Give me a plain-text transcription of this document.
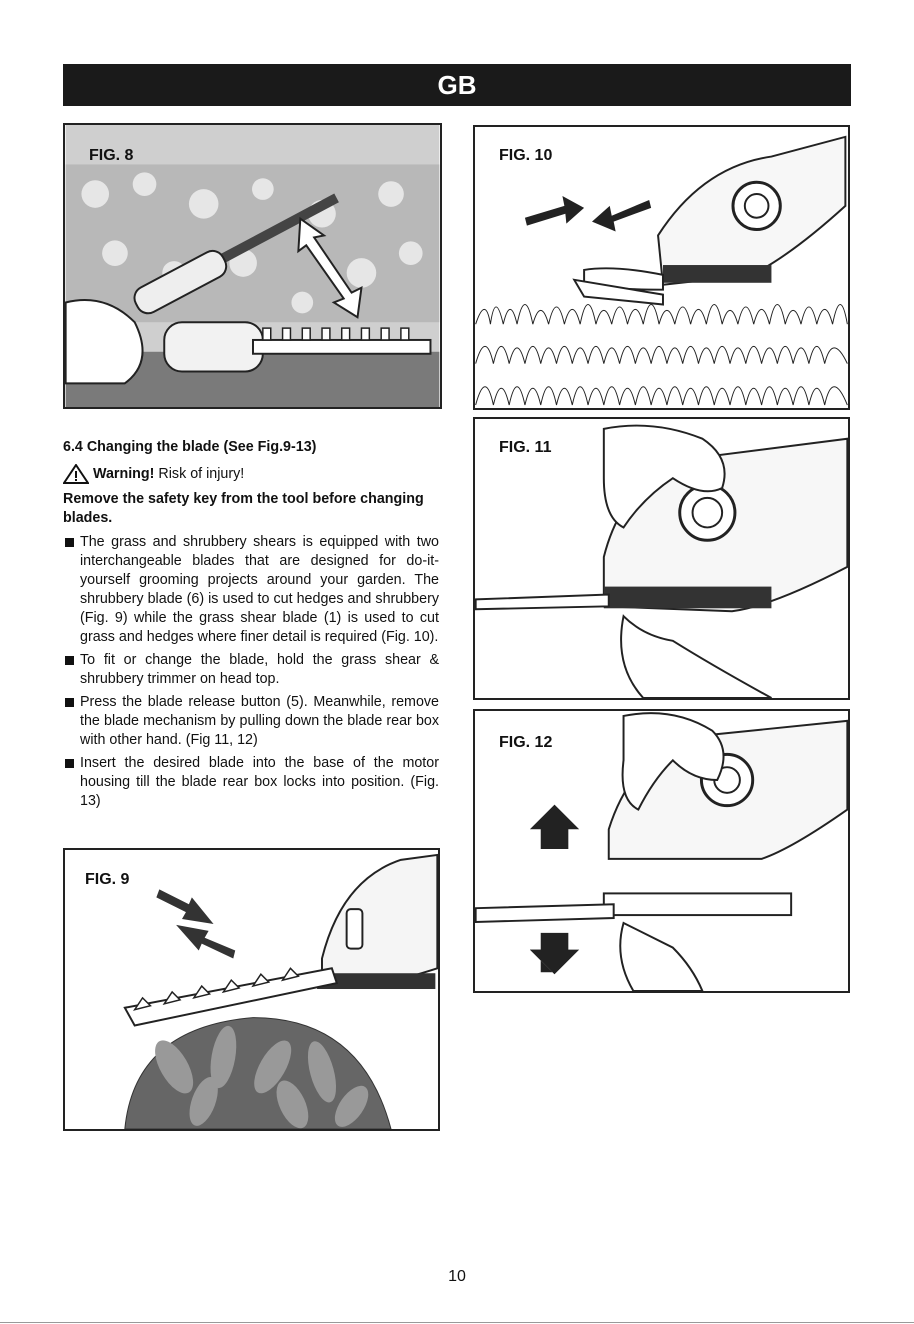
GB
FIG. 8	FIG. 10
FIG. 11
FIG. 12

6.4 Changing the blade (See Fig.9-13)

Warning! Risk of injury!

Remove the safety key from the tool before changing blades.

The grass and shrubbery shears is equipped with two interchangeable blades that are designed for do-it-yourself grooming projects around your garden. The shrubbery blade (6) is used to cut hedges and shrubbery (Fig. 9) while the grass shear blade (1) is used to cut grass and hedges where finer detail is required (Fig. 10).
To fit or change the blade, hold the grass shear & shrubbery trimmer on head top.
Press the blade release button (5). Meanwhile, remove the blade mechanism by pulling down the blade rear box with other hand. (Fig 11, 12)
Insert the desired blade into the base of the motor housing till the blade rear box locks into position. (Fig. 13)
FIG. 9
10
